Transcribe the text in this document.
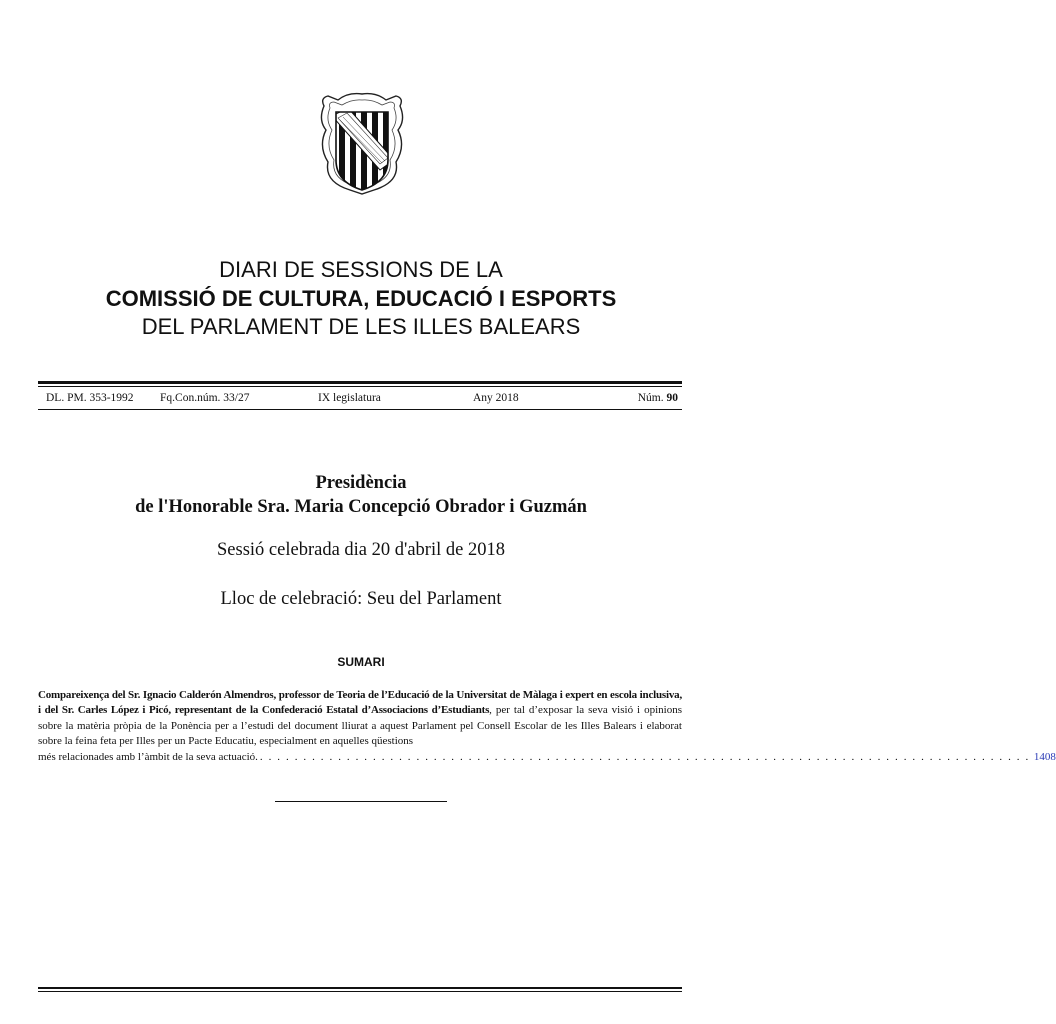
DIARI DE SESSIONS DE LA
COMISSIÓ DE CULTURA, EDUCACIÓ I ESPORTS
DEL PARLAMENT DE LES ILLES BALEARS
DL. PM. 353-1992 Fq.Con.núm. 33/27	IX legislatura	Any 2018	Núm. 90
Presidència
de l'Honorable Sra. Maria Concepció Obrador i Guzmán
Sessió celebrada dia 20 d'abril de 2018
Lloc de celebració: Seu del Parlament
SUMARI
Compareixença del Sr. Ignacio Calderón Almendros, professor de Teoria de l’Educació de la Universitat de Màlaga i expert en escola inclusiva, i del Sr. Carles López i Picó, representant de la Confederació Estatal d’Associacions d’Estudiants, per tal d’exposar la seva visió i opinions sobre la matèria pròpia de la Ponència per a l’estudi del document lliurat a aquest Parlament pel Consell Escolar de les Illes Balears i elaborat sobre la feina feta per Illes per un Pacte Educatiu, especialment en aquelles qüestions
més relacionades amb l’àmbit de la seva actuació. . . . . . . . . . . . . . . . . . . . . . . . . . . . . . . . . . . . . . . . . . . . . . . . . . . . . . . . . . . . . . . . . . . . . . . . . . . . . . . . . . . . . . . . . . 1408
